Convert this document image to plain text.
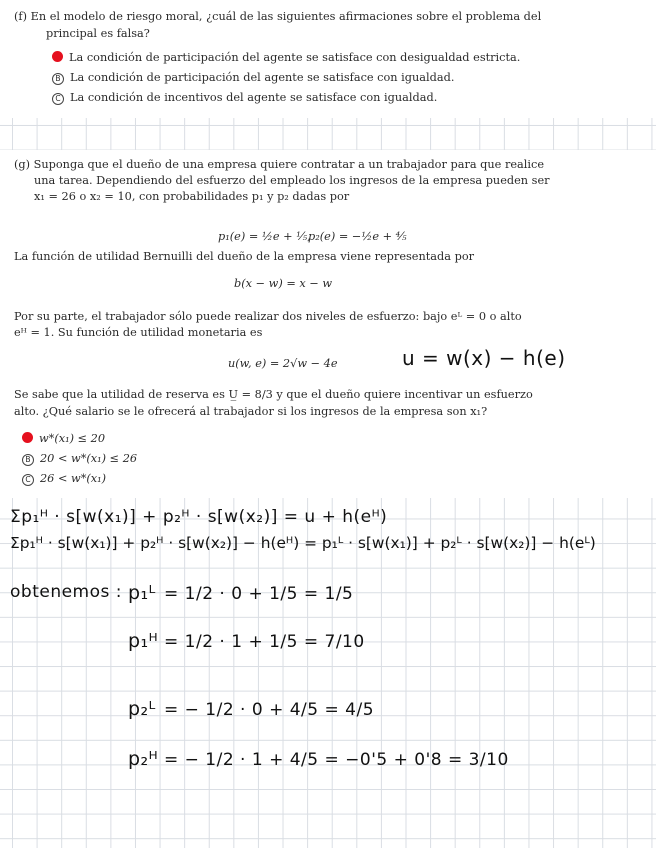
(f) En el modelo de riesgo moral, ¿cuál de las siguientes afirmaciones sobre el problema del

principal es falsa?

La condición de participación del agente se satisface con desigualdad estricta.
B La condición de participación del agente se satisface con igualdad.
C La condición de incentivos del agente se satisface con igualdad.

(g) Suponga que el dueño de una empresa quiere contratar a un trabajador para que realice

una tarea. Dependiendo del esfuerzo del empleado los ingresos de la empresa pueden ser

x₁ = 26 o x₂ = 10, con probabilidades p₁ y p₂ dadas por

p₁(e) = ½e + ⅕,
p₂(e) = −½e + ⅘

La función de utilidad Bernuilli del dueño de la empresa viene representada por

b(x − w) = x − w

Por su parte, el trabajador sólo puede realizar dos niveles de esfuerzo: bajo eᴸ = 0 o alto

eᴴ = 1. Su función de utilidad monetaria es

u(w, e) = 2√w − 4e	u = w(x) − h(e)

Se sabe que la utilidad de reserva es U̲ = 8/3 y que el dueño quiere incentivar un esfuerzo

alto. ¿Qué salario se le ofrecerá al trabajador si los ingresos de la empresa son x₁?

w*(x₁) ≤ 20
B 20 < w*(x₁) ≤ 26
C 26 < w*(x₁)
Σp₁ᴴ · s[w(x₁)] + p₂ᴴ · s[w(x₂)] = u + h(eᴴ)
Σp₁ᴴ · s[w(x₁)] + p₂ᴴ · s[w(x₂)] − h(eᴴ) = p₁ᴸ · s[w(x₁)] + p₂ᴸ · s[w(x₂)] − h(eᴸ)
obtenemos : p₁ᴸ = 1/2 · 0 + 1/5 = 1/5
p₁ᴴ = 1/2 · 1 + 1/5 = 7/10
p₂ᴸ = − 1/2 · 0 + 4/5 = 4/5
p₂ᴴ = − 1/2 · 1 + 4/5 = −0'5 + 0'8 = 3/10
